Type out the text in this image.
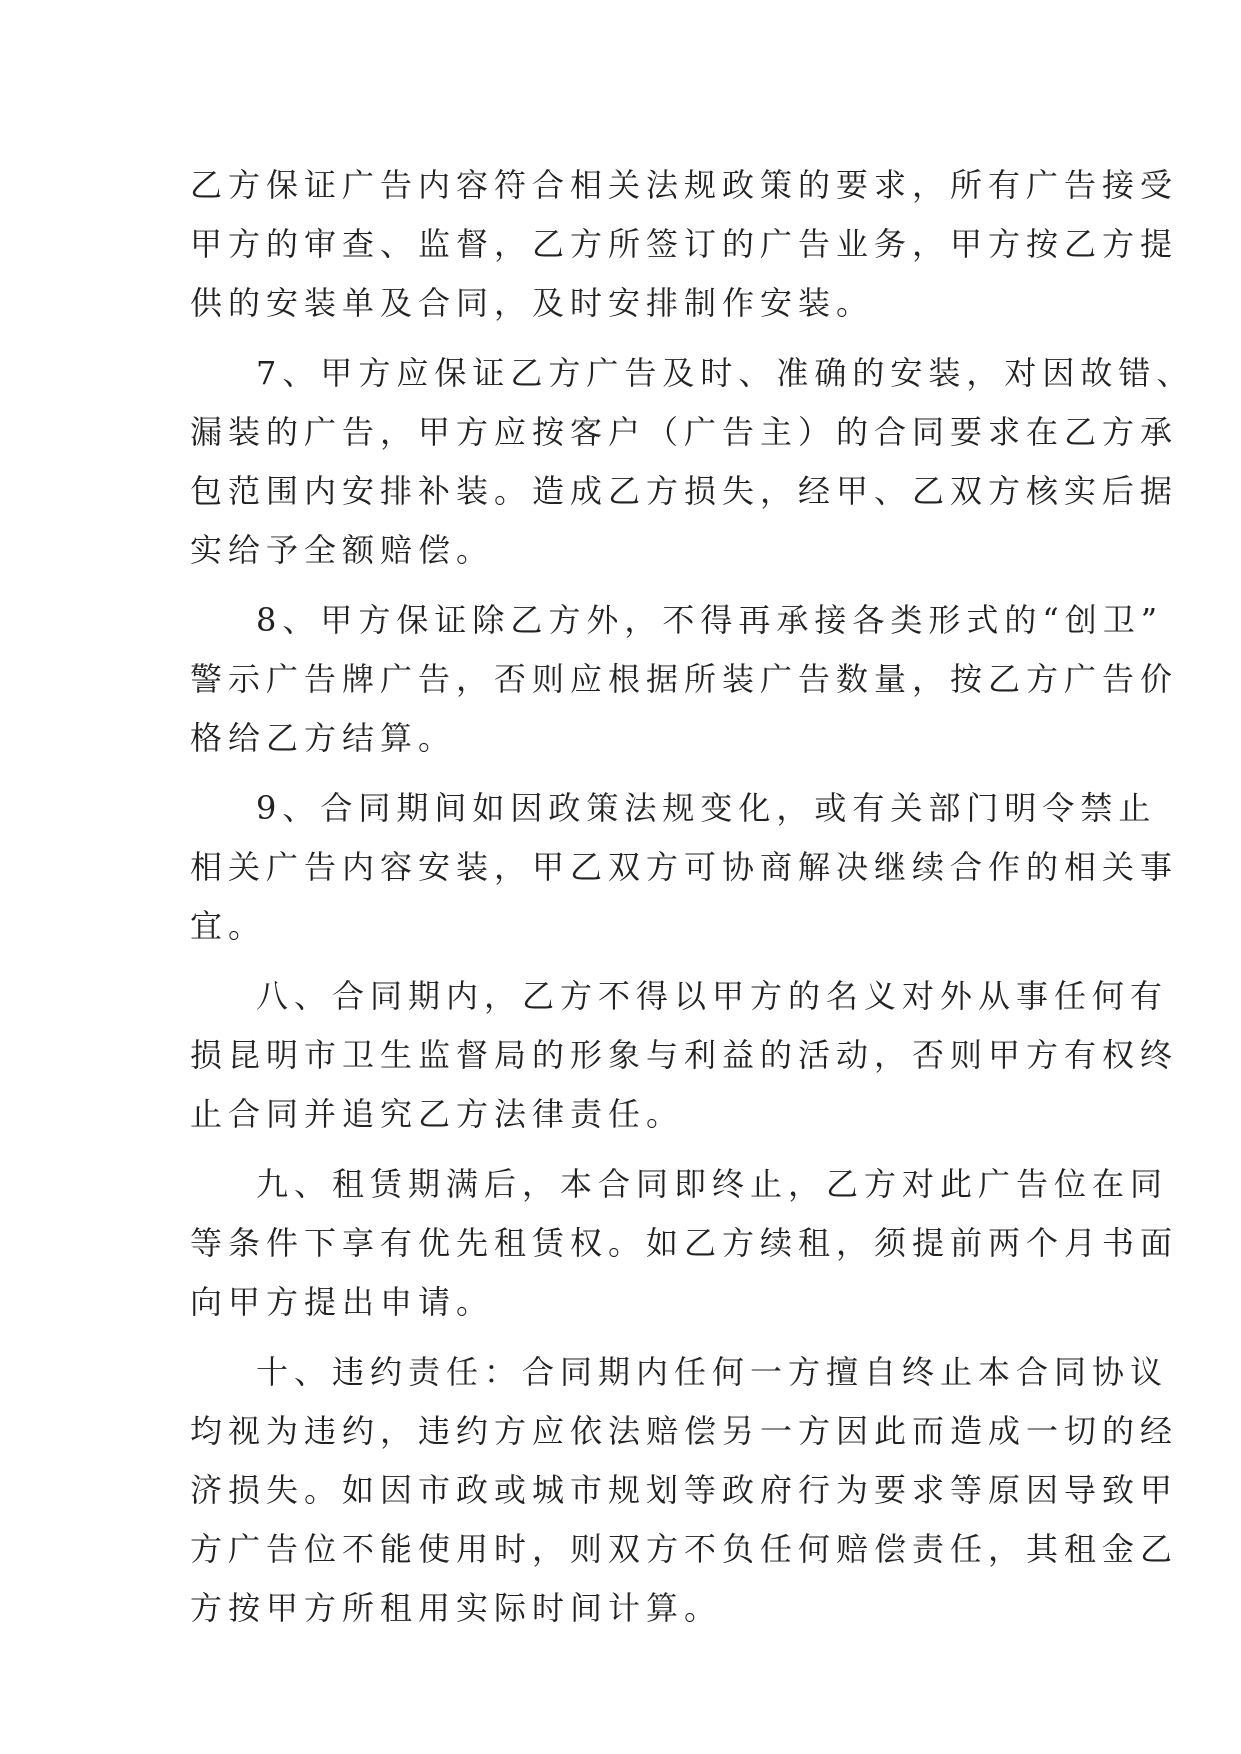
乙方保证广告内容符合相关法规政策的要求，所有广告接受
甲方的审查、监督，乙方所签订的广告业务，甲方按乙方提
供的安装单及合同，及时安排制作安装。

7、甲方应保证乙方广告及时、准确的安装，对因故错、
漏装的广告，甲方应按客户（广告主）的合同要求在乙方承
包范围内安排补装。造成乙方损失，经甲、乙双方核实后据
实给予全额赔偿。

8、甲方保证除乙方外，不得再承接各类形式的“创卫”
警示广告牌广告，否则应根据所装广告数量，按乙方广告价
格给乙方结算。

9、合同期间如因政策法规变化，或有关部门明令禁止
相关广告内容安装，甲乙双方可协商解决继续合作的相关事
宜。

八、合同期内，乙方不得以甲方的名义对外从事任何有
损昆明市卫生监督局的形象与利益的活动，否则甲方有权终
止合同并追究乙方法律责任。

九、租赁期满后，本合同即终止，乙方对此广告位在同
等条件下享有优先租赁权。如乙方续租，须提前两个月书面
向甲方提出申请。

十、违约责任：合同期内任何一方擅自终止本合同协议
均视为违约，违约方应依法赔偿另一方因此而造成一切的经
济损失。如因市政或城市规划等政府行为要求等原因导致甲
方广告位不能使用时，则双方不负任何赔偿责任，其租金乙
方按甲方所租用实际时间计算。
